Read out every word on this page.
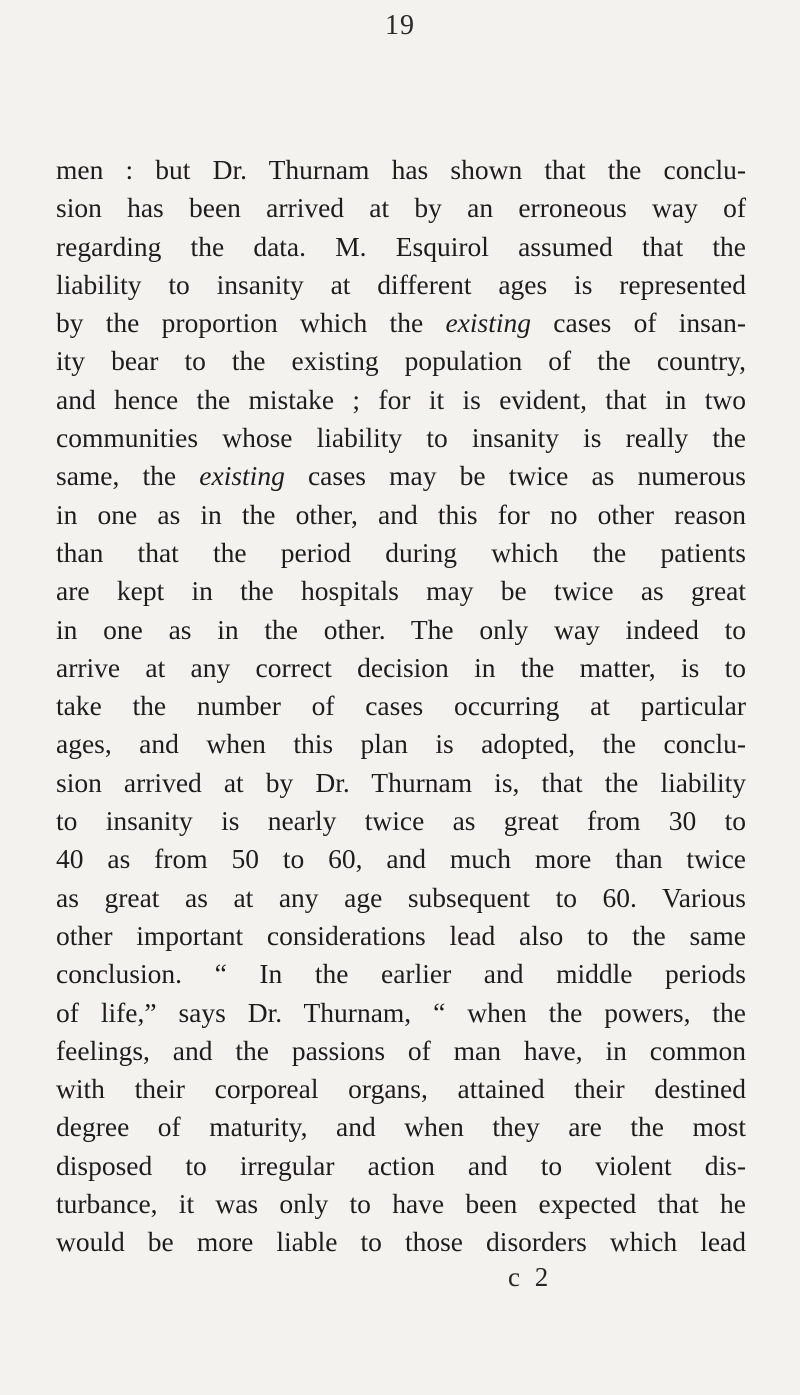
19
men : but Dr. Thurnam has shown that the conclu-
sion has been arrived at by an erroneous way of
regarding the data. M. Esquirol assumed that the
liability to insanity at different ages is represented
by the proportion which the existing cases of insan-
ity bear to the existing population of the country,
and hence the mistake ; for it is evident, that in two
communities whose liability to insanity is really the
same, the existing cases may be twice as numerous
in one as in the other, and this for no other reason
than that the period during which the patients
are kept in the hospitals may be twice as great
in one as in the other. The only way indeed to
arrive at any correct decision in the matter, is to
take the number of cases occurring at particular
ages, and when this plan is adopted, the conclu-
sion arrived at by Dr. Thurnam is, that the liability
to insanity is nearly twice as great from 30 to
40 as from 50 to 60, and much more than twice
as great as at any age subsequent to 60. Various
other important considerations lead also to the same
conclusion. “ In the earlier and middle periods
of life,” says Dr. Thurnam, “ when the powers, the
feelings, and the passions of man have, in common
with their corporeal organs, attained their destined
degree of maturity, and when they are the most
disposed to irregular action and to violent dis-
turbance, it was only to have been expected that he
would be more liable to those disorders which lead
c 2
